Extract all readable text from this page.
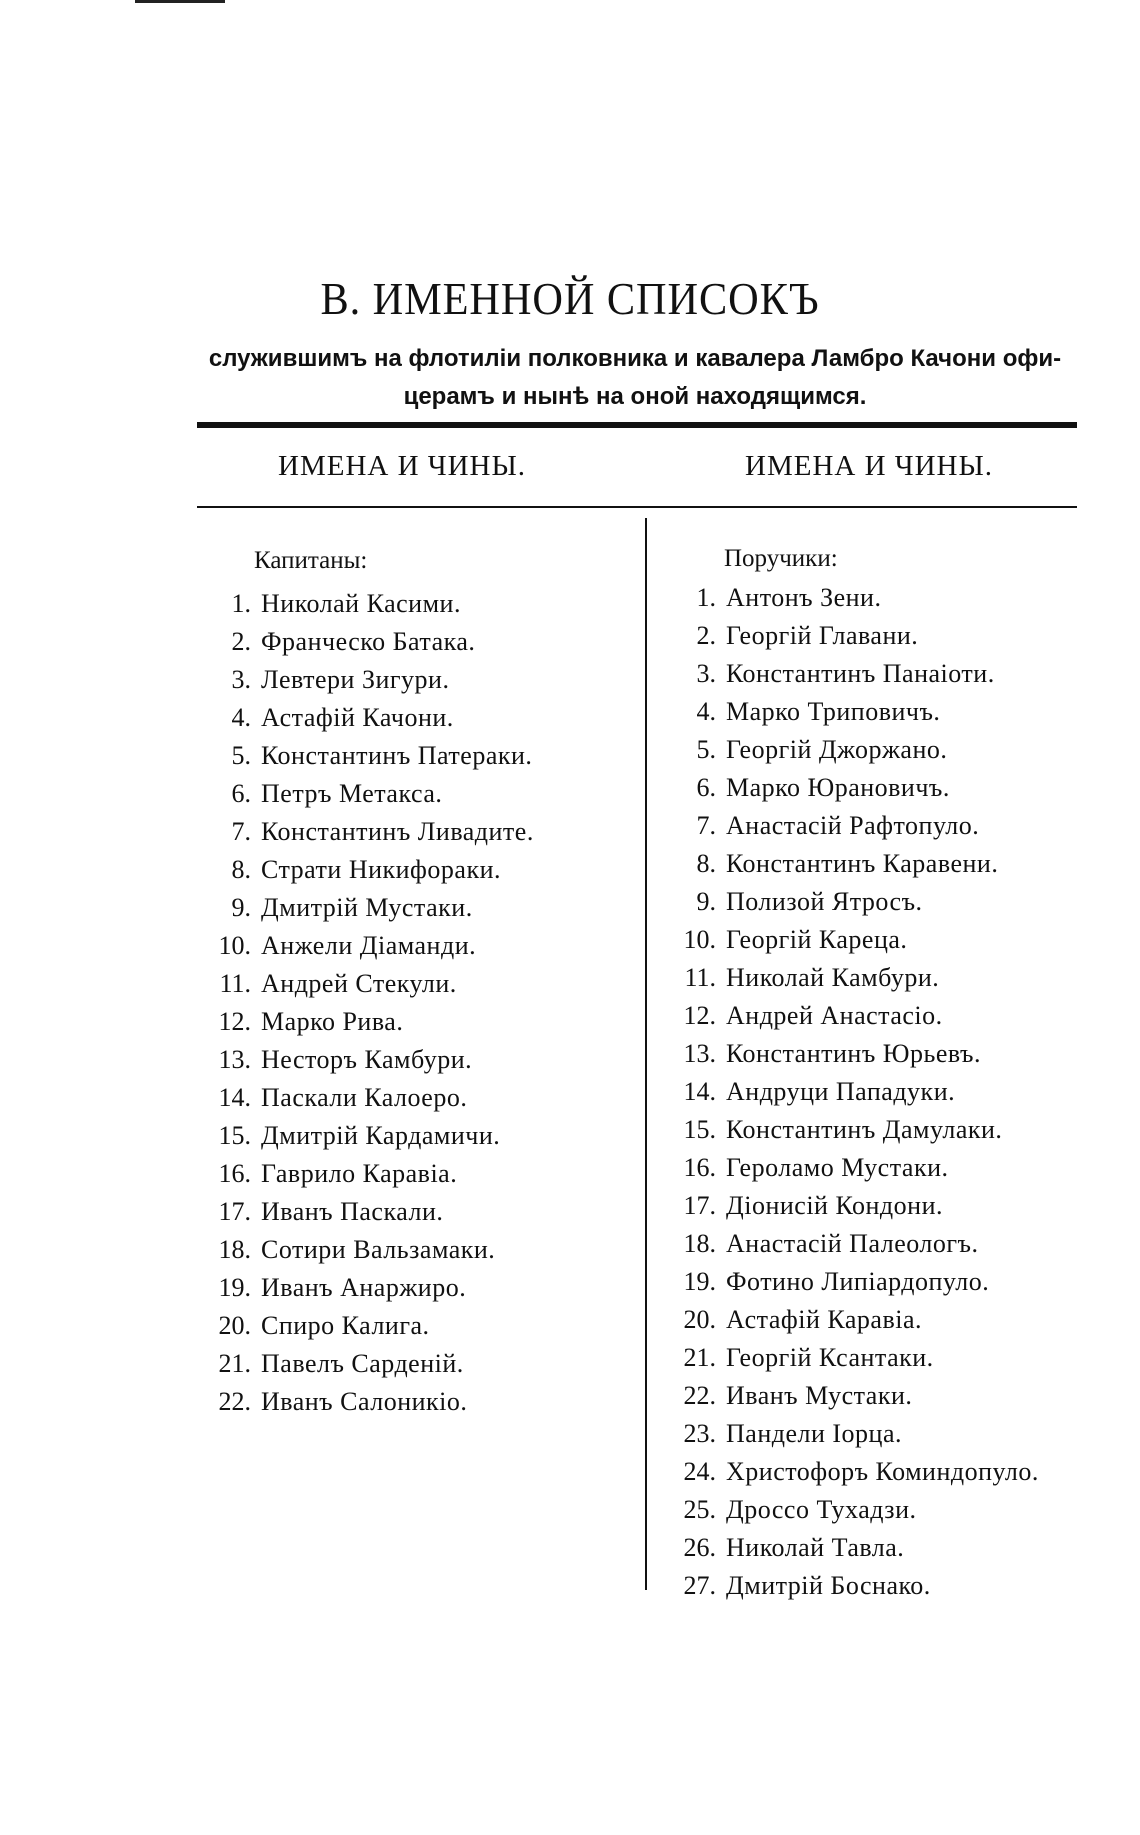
B. ИМЕННОЙ СПИСОКЪ
служившимъ на флотиліи полковника и кавалера Ламбро Качони офи-
церамъ и нынѣ на оной находящимся.
ИМЕНА И ЧИНЫ.	ИМЕНА И ЧИНЫ.
Капитаны:	Поручики:
1. Николай Касими.
2. Франческо Батака.
3. Левтери Зигури.
4. Астафій Качони.
5. Константинъ Патераки.
6. Петръ Метакса.
7. Константинъ Ливадите.
8. Страти Никифораки.
9. Дмитрій Мустаки.
10. Анжели Діаманди.
11. Андрей Стекули.
12. Марко Рива.
13. Несторъ Камбури.
14. Паскали Калоеро.
15. Дмитрій Кардамичи.
16. Гаврило Каравіа.
17. Иванъ Паскали.
18. Сотири Вальзамаки.
19. Иванъ Анаржиро.
20. Спиро Калига.
21. Павелъ Сарденій.
22. Иванъ Салоникіо.
1. Антонъ Зени.
2. Георгій Главани.
3. Константинъ Панаіоти.
4. Марко Триповичъ.
5. Георгій Джоржано.
6. Марко Юрановичъ.
7. Анастасій Рафтопуло.
8. Константинъ Каравени.
9. Полизой Ятросъ.
10. Георгій Кареца.
11. Николай Камбури.
12. Андрей Анастасіо.
13. Константинъ Юрьевъ.
14. Андруци Пападуки.
15. Константинъ Дамулаки.
16. Героламо Мустаки.
17. Діонисій Кондони.
18. Анастасій Палеологъ.
19. Фотино Липіардопуло.
20. Астафій Каравіа.
21. Георгій Ксантаки.
22. Иванъ Мустаки.
23. Пандели Іорца.
24. Христофоръ Коминдопуло.
25. Дроссо Тухадзи.
26. Николай Тавла.
27. Дмитрій Боснако.
